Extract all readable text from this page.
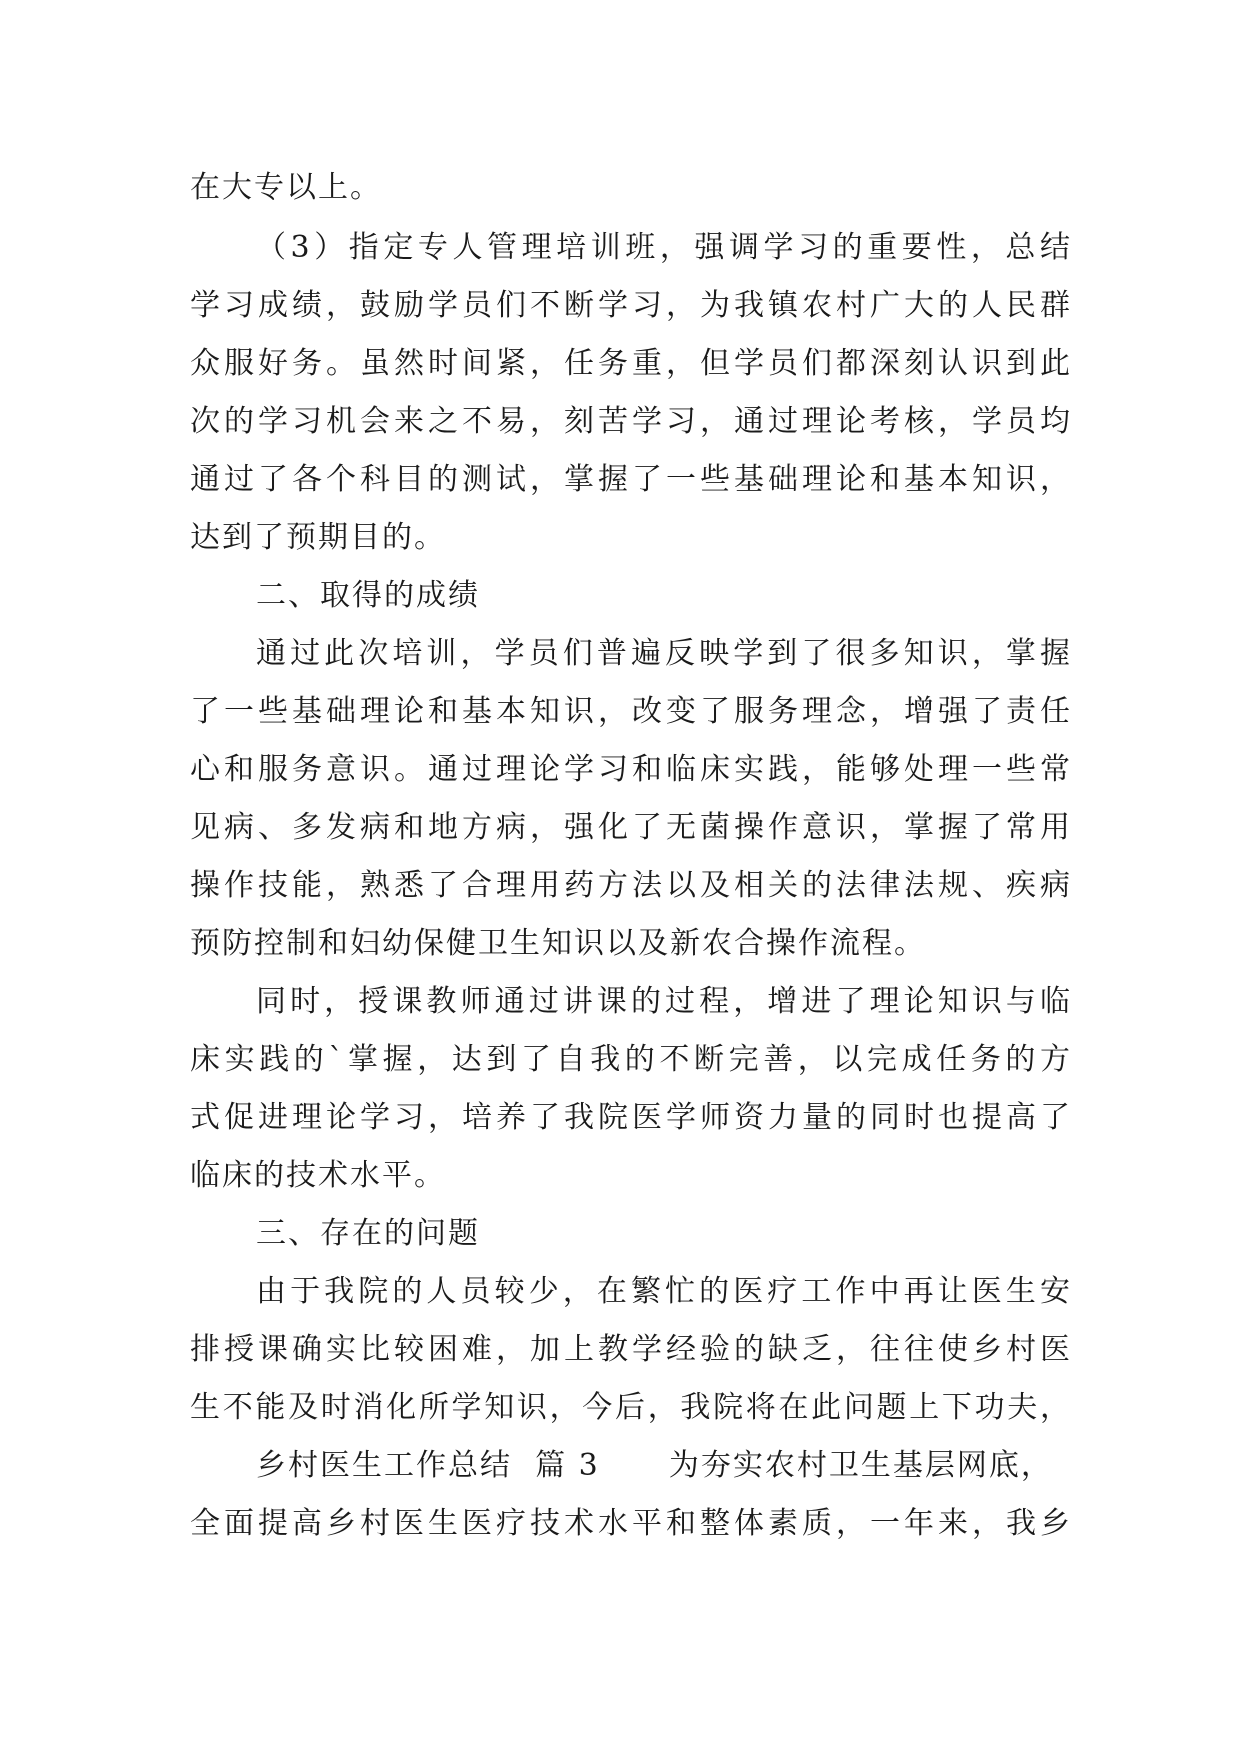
在大专以上。
（3）指定专人管理培训班，强调学习的重要性，总结
学习成绩，鼓励学员们不断学习，为我镇农村广大的人民群
众服好务。虽然时间紧，任务重，但学员们都深刻认识到此
次的学习机会来之不易，刻苦学习，通过理论考核，学员均
通过了各个科目的测试，掌握了一些基础理论和基本知识，
达到了预期目的。
二、取得的成绩
通过此次培训，学员们普遍反映学到了很多知识，掌握
了一些基础理论和基本知识，改变了服务理念，增强了责任
心和服务意识。通过理论学习和临床实践，能够处理一些常
见病、多发病和地方病，强化了无菌操作意识，掌握了常用
操作技能，熟悉了合理用药方法以及相关的法律法规、疾病
预防控制和妇幼保健卫生知识以及新农合操作流程。
同时，授课教师通过讲课的过程，增进了理论知识与临
床实践的`掌握，达到了自我的不断完善，以完成任务的方
式促进理论学习，培养了我院医学师资力量的同时也提高了
临床的技术水平。
三、存在的问题
由于我院的人员较少，在繁忙的医疗工作中再让医生安
排授课确实比较困难，加上教学经验的缺乏，往往使乡村医
生不能及时消化所学知识，今后，我院将在此问题上下功夫，
乡村医生工作总结  篇 3      为夯实农村卫生基层网底，
全面提高乡村医生医疗技术水平和整体素质，一年来，我乡
